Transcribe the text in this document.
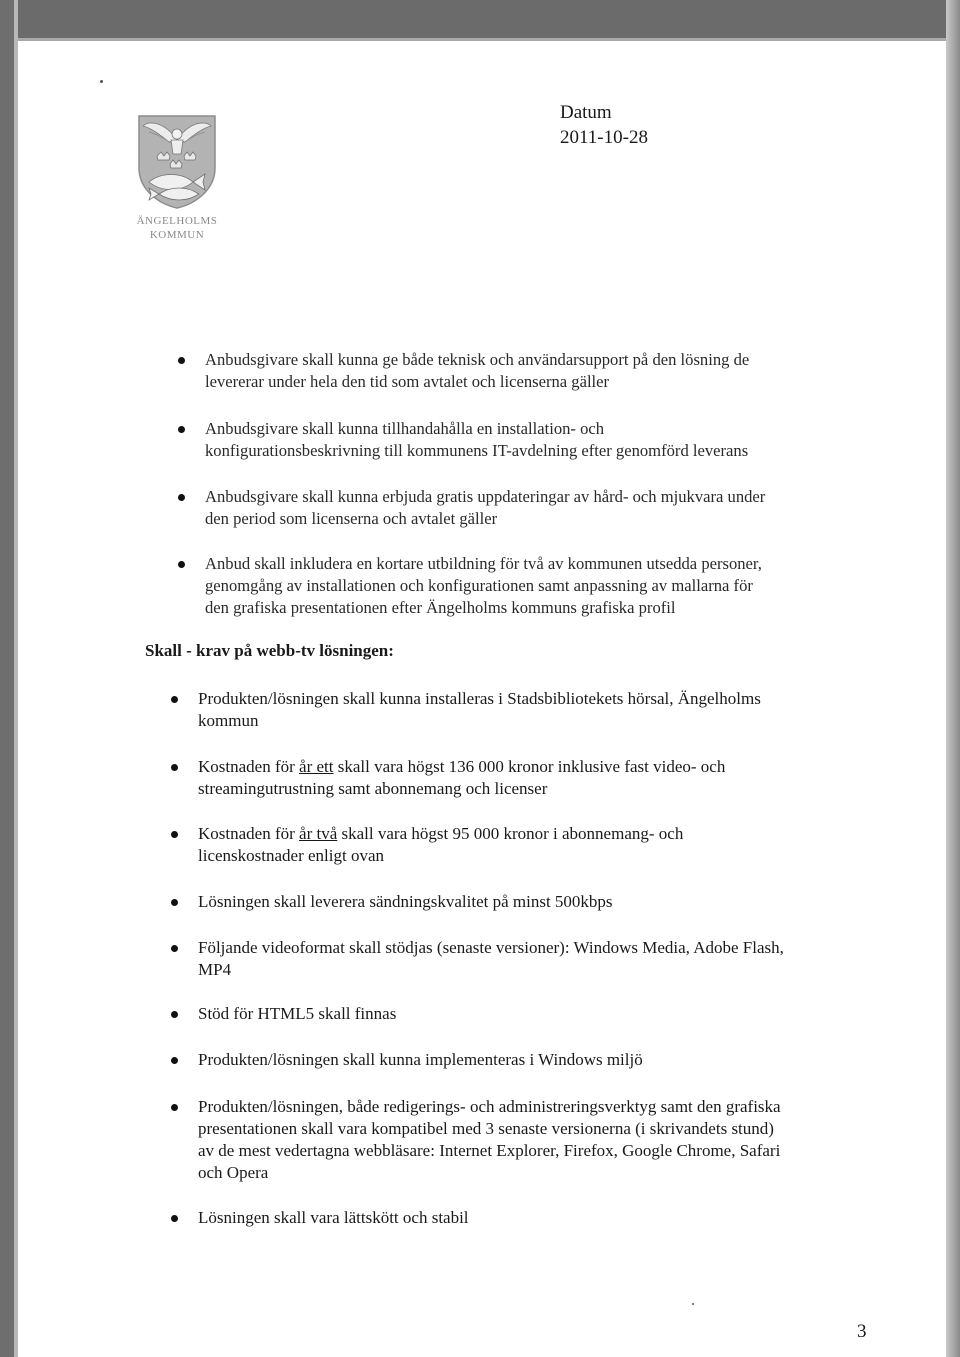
ÄNGELHOLMS
KOMMUN
Datum
2011-10-28
Anbudsgivare skall kunna ge både teknisk och användarsupport på den lösning de
levererar under hela den tid som avtalet och licenserna gäller
Anbudsgivare skall kunna tillhandahålla en installation- och
konfigurationsbeskrivning till kommunens IT-avdelning efter genomförd leverans
Anbudsgivare skall kunna erbjuda gratis uppdateringar av hård- och mjukvara under
den period som licenserna och avtalet gäller
Anbud skall inkludera en kortare utbildning för två av kommunen utsedda personer,
genomgång av installationen och konfigurationen samt anpassning av mallarna för
den grafiska presentationen efter Ängelholms kommuns grafiska profil
Skall - krav på webb-tv lösningen:
Produkten/lösningen skall kunna installeras i Stadsbibliotekets hörsal, Ängelholms
kommun
Kostnaden för år ett skall vara högst 136 000 kronor inklusive fast video- och
streamingutrustning samt abonnemang och licenser
Kostnaden för år två skall vara högst 95 000 kronor i abonnemang- och
licenskostnader enligt ovan
Lösningen skall leverera sändningskvalitet på minst 500kbps
Följande videoformat skall stödjas (senaste versioner): Windows Media, Adobe Flash,
MP4
Stöd för HTML5 skall finnas
Produkten/lösningen skall kunna implementeras i Windows miljö
Produkten/lösningen, både redigerings- och administreringsverktyg samt den grafiska
presentationen skall vara kompatibel med 3 senaste versionerna (i skrivandets stund)
av de mest vedertagna webbläsare: Internet Explorer, Firefox, Google Chrome, Safari
och Opera
Lösningen skall vara lättskött och stabil
3
